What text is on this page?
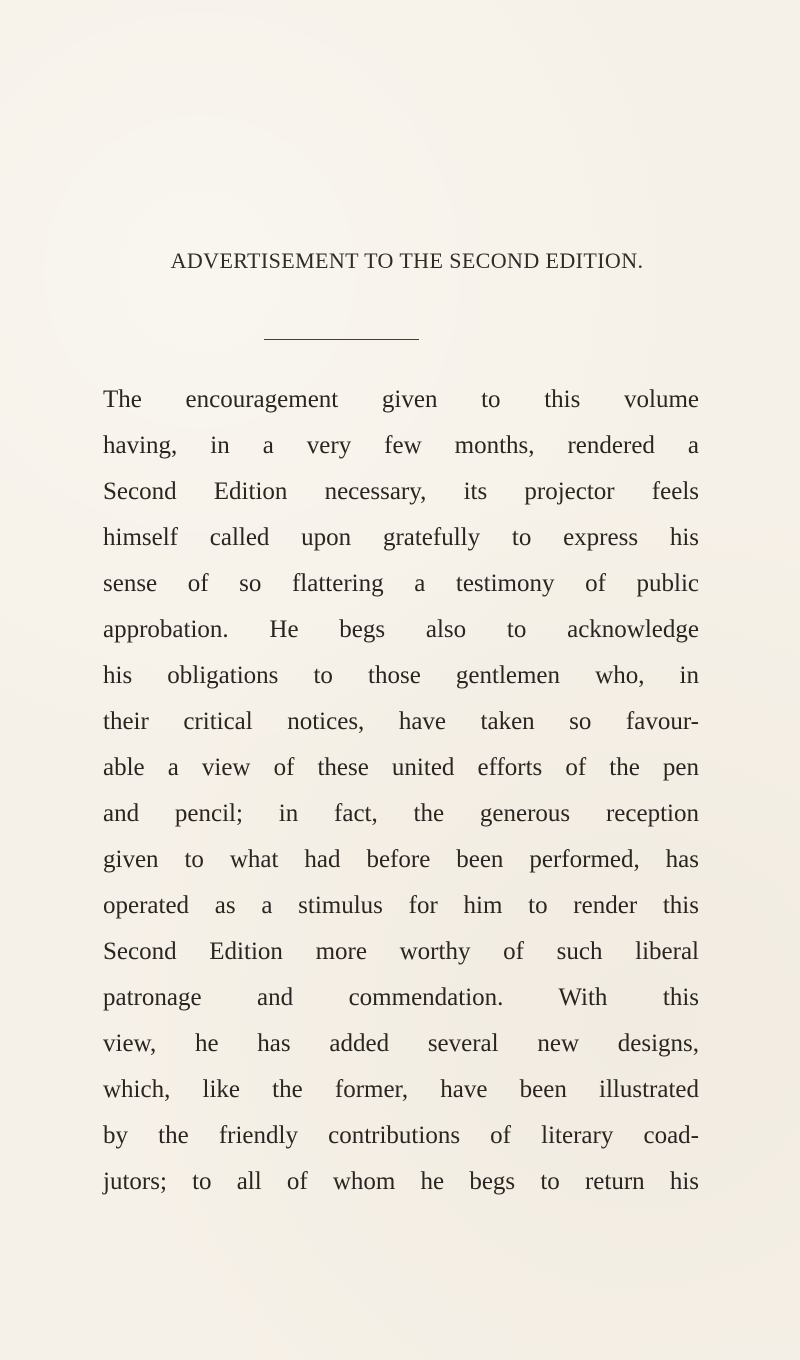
ADVERTISEMENT TO THE SECOND EDITION.
The encouragement given to this volume
having, in a very few months, rendered a
Second Edition necessary, its projector feels
himself called upon gratefully to express his
sense of so flattering a testimony of public
approbation. He begs also to acknowledge
his obligations to those gentlemen who, in
their critical notices, have taken so favour-
able a view of these united efforts of the pen
and pencil; in fact, the generous reception
given to what had before been performed, has
operated as a stimulus for him to render this
Second Edition more worthy of such liberal
patronage and commendation. With this
view, he has added several new designs,
which, like the former, have been illustrated
by the friendly contributions of literary coad-
jutors; to all of whom he begs to return his
